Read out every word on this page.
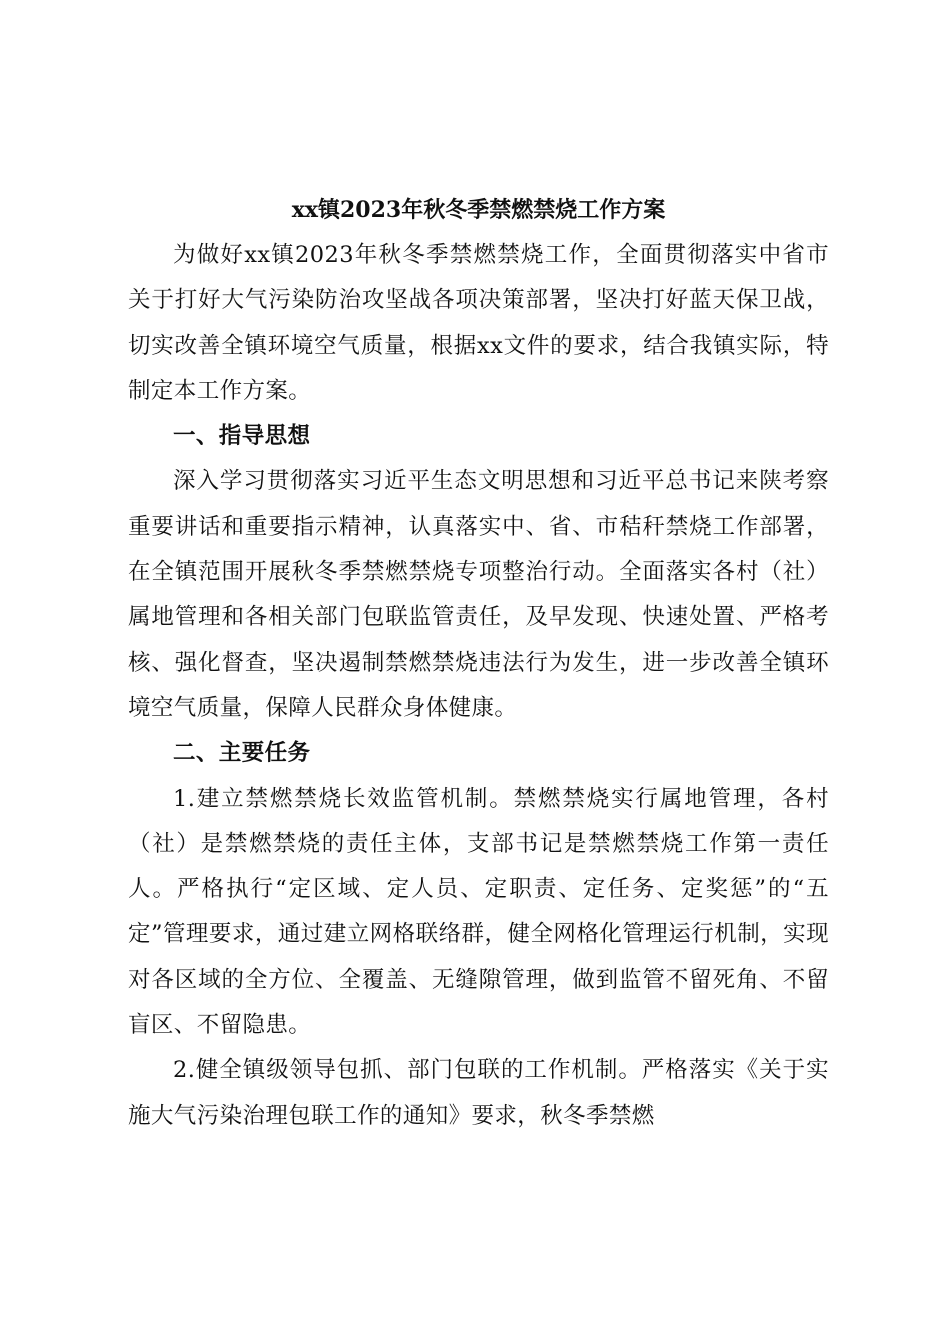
xx镇2023年秋冬季禁燃禁烧工作方案

为做好xx镇2023年秋冬季禁燃禁烧工作，全面贯彻落实中省市关于打好大气污染防治攻坚战各项决策部署，坚决打好蓝天保卫战，切实改善全镇环境空气质量，根据xx文件的要求，结合我镇实际，特制定本工作方案。

一、指导思想

深入学习贯彻落实习近平生态文明思想和习近平总书记来陕考察重要讲话和重要指示精神，认真落实中、省、市秸秆禁烧工作部署，在全镇范围开展秋冬季禁燃禁烧专项整治行动。全面落实各村（社）属地管理和各相关部门包联监管责任，及早发现、快速处置、严格考核、强化督查，坚决遏制禁燃禁烧违法行为发生，进一步改善全镇环境空气质量，保障人民群众身体健康。

二、主要任务

1.建立禁燃禁烧长效监管机制。禁燃禁烧实行属地管理，各村（社）是禁燃禁烧的责任主体，支部书记是禁燃禁烧工作第一责任人。严格执行“定区域、定人员、定职责、定任务、定奖惩”的“五定”管理要求，通过建立网格联络群，健全网格化管理运行机制，实现对各区域的全方位、全覆盖、无缝隙管理，做到监管不留死角、不留盲区、不留隐患。

2.健全镇级领导包抓、部门包联的工作机制。严格落实《关于实施大气污染治理包联工作的通知》要求，秋冬季禁燃
